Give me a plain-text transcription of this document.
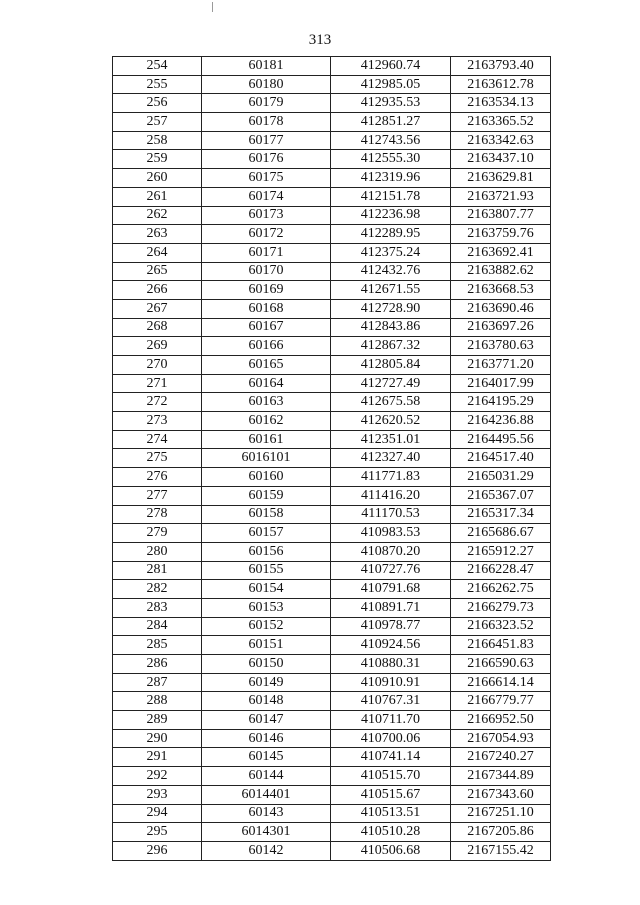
313
254	60181	412960.74	2163793.40
255	60180	412985.05	2163612.78
256	60179	412935.53	2163534.13
257	60178	412851.27	2163365.52
258	60177	412743.56	2163342.63
259	60176	412555.30	2163437.10
260	60175	412319.96	2163629.81
261	60174	412151.78	2163721.93
262	60173	412236.98	2163807.77
263	60172	412289.95	2163759.76
264	60171	412375.24	2163692.41
265	60170	412432.76	2163882.62
266	60169	412671.55	2163668.53
267	60168	412728.90	2163690.46
268	60167	412843.86	2163697.26
269	60166	412867.32	2163780.63
270	60165	412805.84	2163771.20
271	60164	412727.49	2164017.99
272	60163	412675.58	2164195.29
273	60162	412620.52	2164236.88
274	60161	412351.01	2164495.56
275	6016101	412327.40	2164517.40
276	60160	411771.83	2165031.29
277	60159	411416.20	2165367.07
278	60158	411170.53	2165317.34
279	60157	410983.53	2165686.67
280	60156	410870.20	2165912.27
281	60155	410727.76	2166228.47
282	60154	410791.68	2166262.75
283	60153	410891.71	2166279.73
284	60152	410978.77	2166323.52
285	60151	410924.56	2166451.83
286	60150	410880.31	2166590.63
287	60149	410910.91	2166614.14
288	60148	410767.31	2166779.77
289	60147	410711.70	2166952.50
290	60146	410700.06	2167054.93
291	60145	410741.14	2167240.27
292	60144	410515.70	2167344.89
293	6014401	410515.67	2167343.60
294	60143	410513.51	2167251.10
295	6014301	410510.28	2167205.86
296	60142	410506.68	2167155.42
